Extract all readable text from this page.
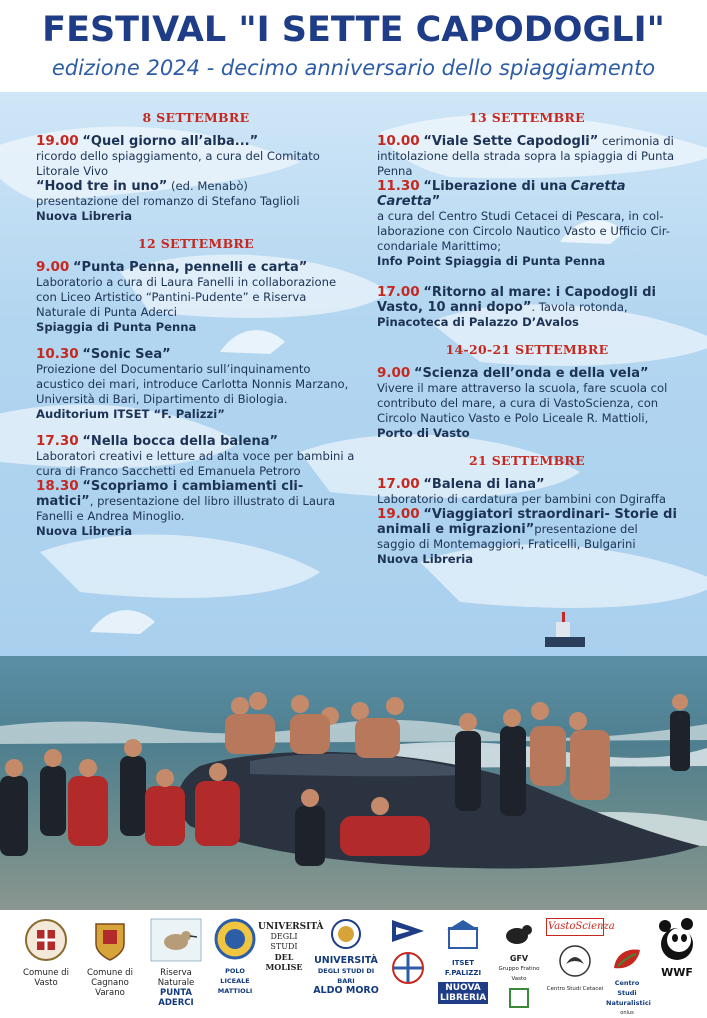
FESTIVAL "I SETTE CAPODOGLI"
edizione 2024 - decimo anniversario dello spiaggiamento
8 SETTEMBRE
19.00 “Quel giorno all’alba...”
ricordo dello spiaggiamento, a cura del Comitato Litorale Vivo
“Hood tre in uno” (ed. Menabò)
presentazione del romanzo di Stefano Taglioli
Nuova Libreria
12 SETTEMBRE
9.00 “Punta Penna, pennelli e carta”
Laboratorio a cura di Laura Fanelli in collaborazione con Liceo Artistico “Pantini-Pudente” e Riserva Naturale di Punta Aderci
Spiaggia di Punta Penna
10.30 “Sonic Sea”
Proiezione del Documentario sull’inquinamento acustico dei mari, introduce Carlotta Nonnis Marzano, Università di Bari, Dipartimento di Biologia.
Auditorium ITSET “F. Palizzi”
17.30 “Nella bocca della balena”
Laboratori creativi e letture ad alta voce per bambini a cura di Franco Sacchetti ed Emanuela Petroro
18.30 “Scopriamo i cambiamenti cli-matici”, presentazione del libro illustrato di Laura Fanelli e Andrea Minoglio.
Nuova Libreria
13 SETTEMBRE
10.00 “Viale Sette Capodogli” cerimonia di intitolazione della strada sopra la spiaggia di Punta Penna
11.30 “Liberazione di una Caretta Caretta”
a cura del Centro Studi Cetacei di Pescara, in col-laborazione con Circolo Nautico Vasto e Ufficio Cir-condariale Marittimo;
Info Point Spiaggia di Punta Penna
17.00 “Ritorno al mare: i Capodogli di Vasto, 10 anni dopo”. Tavola rotonda,
Pinacoteca di Palazzo D’Avalos
14-20-21 SETTEMBRE
9.00 “Scienza dell’onda e della vela”
Vivere il mare attraverso la scuola, fare scuola col contributo del mare, a cura di VastoScienza, con Circolo Nautico Vasto e Polo Liceale R. Mattioli,
Porto di Vasto
21 SETTEMBRE
17.00 “Balena di lana”
Laboratorio di cardatura per bambini con Dgiraffa
19.00 “Viaggiatori straordinari- Storie di animali e migrazioni”presentazione del saggio di Montemaggiori, Fraticelli, Bulgarini
Nuova Libreria
Comune di Vasto
Comune di Cagnano Varano
Riserva Naturale
PUNTA ADERCI
POLO LICEALE MATTIOLI
UNIVERSITÀ
DEGLI STUDI
DEL MOLISE
UNIVERSITÀ
DEGLI STUDI DI BARI
ALDO MORO

ITSET F.PALIZZI
NUOVA
LIBRERIA
GFV
Gruppo Fratino Vasto
VastoScienza
Centro Studi Cetacei
Centro Studi
Naturalistici
onlus
WWF
